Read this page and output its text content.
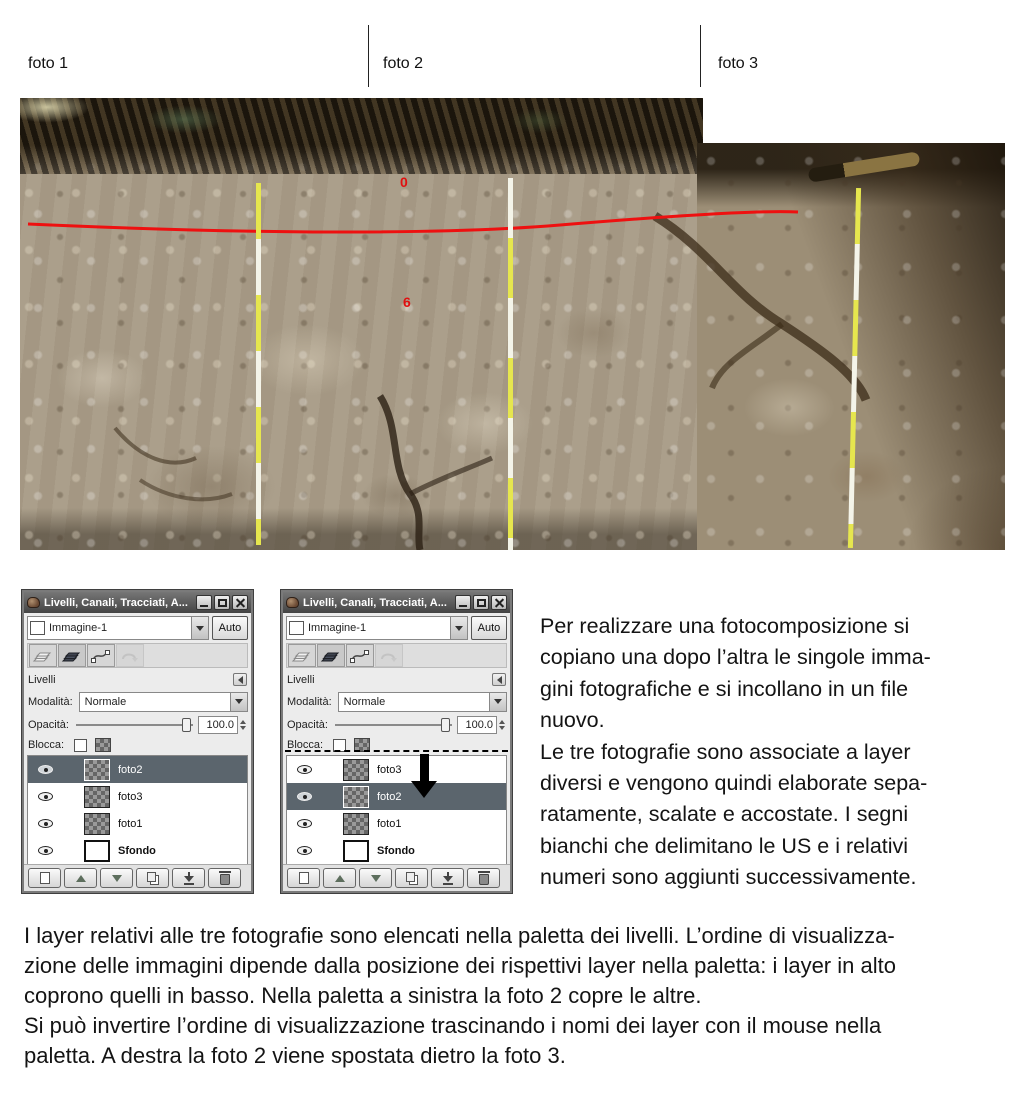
foto 1	foto 2	foto 3
0
6
Livelli, Canali, Tracciati, A...
Immagine-1	Auto
Livelli
Modalità: Normale
Opacità:	100.0
Blocca:
foto2
foto3
foto1
Sfondo
Livelli, Canali, Tracciati, A...
Immagine-1	Auto
Livelli
Modalità: Normale
Opacità:	100.0
Blocca:
foto3
foto2
foto1
Sfondo
Per realizzare una fotocomposizione si
copiano una dopo l’altra le singole imma-
gini fotografiche e si incollano in un file
nuovo.
Le tre fotografie sono associate a layer
diversi e vengono quindi elaborate sepa-
ratamente, scalate e accostate. I segni
bianchi che delimitano le US e i relativi
numeri sono aggiunti successivamente.
I layer relativi alle tre fotografie sono elencati nella paletta dei livelli. L’ordine di visualizza-
zione delle immagini dipende dalla posizione dei rispettivi layer nella paletta: i layer in alto
coprono quelli in basso. Nella paletta a sinistra la foto 2 copre le altre.
Si può invertire l’ordine di visualizzazione trascinando i nomi dei layer con il mouse nella
paletta. A destra la foto 2 viene spostata dietro la foto 3.
